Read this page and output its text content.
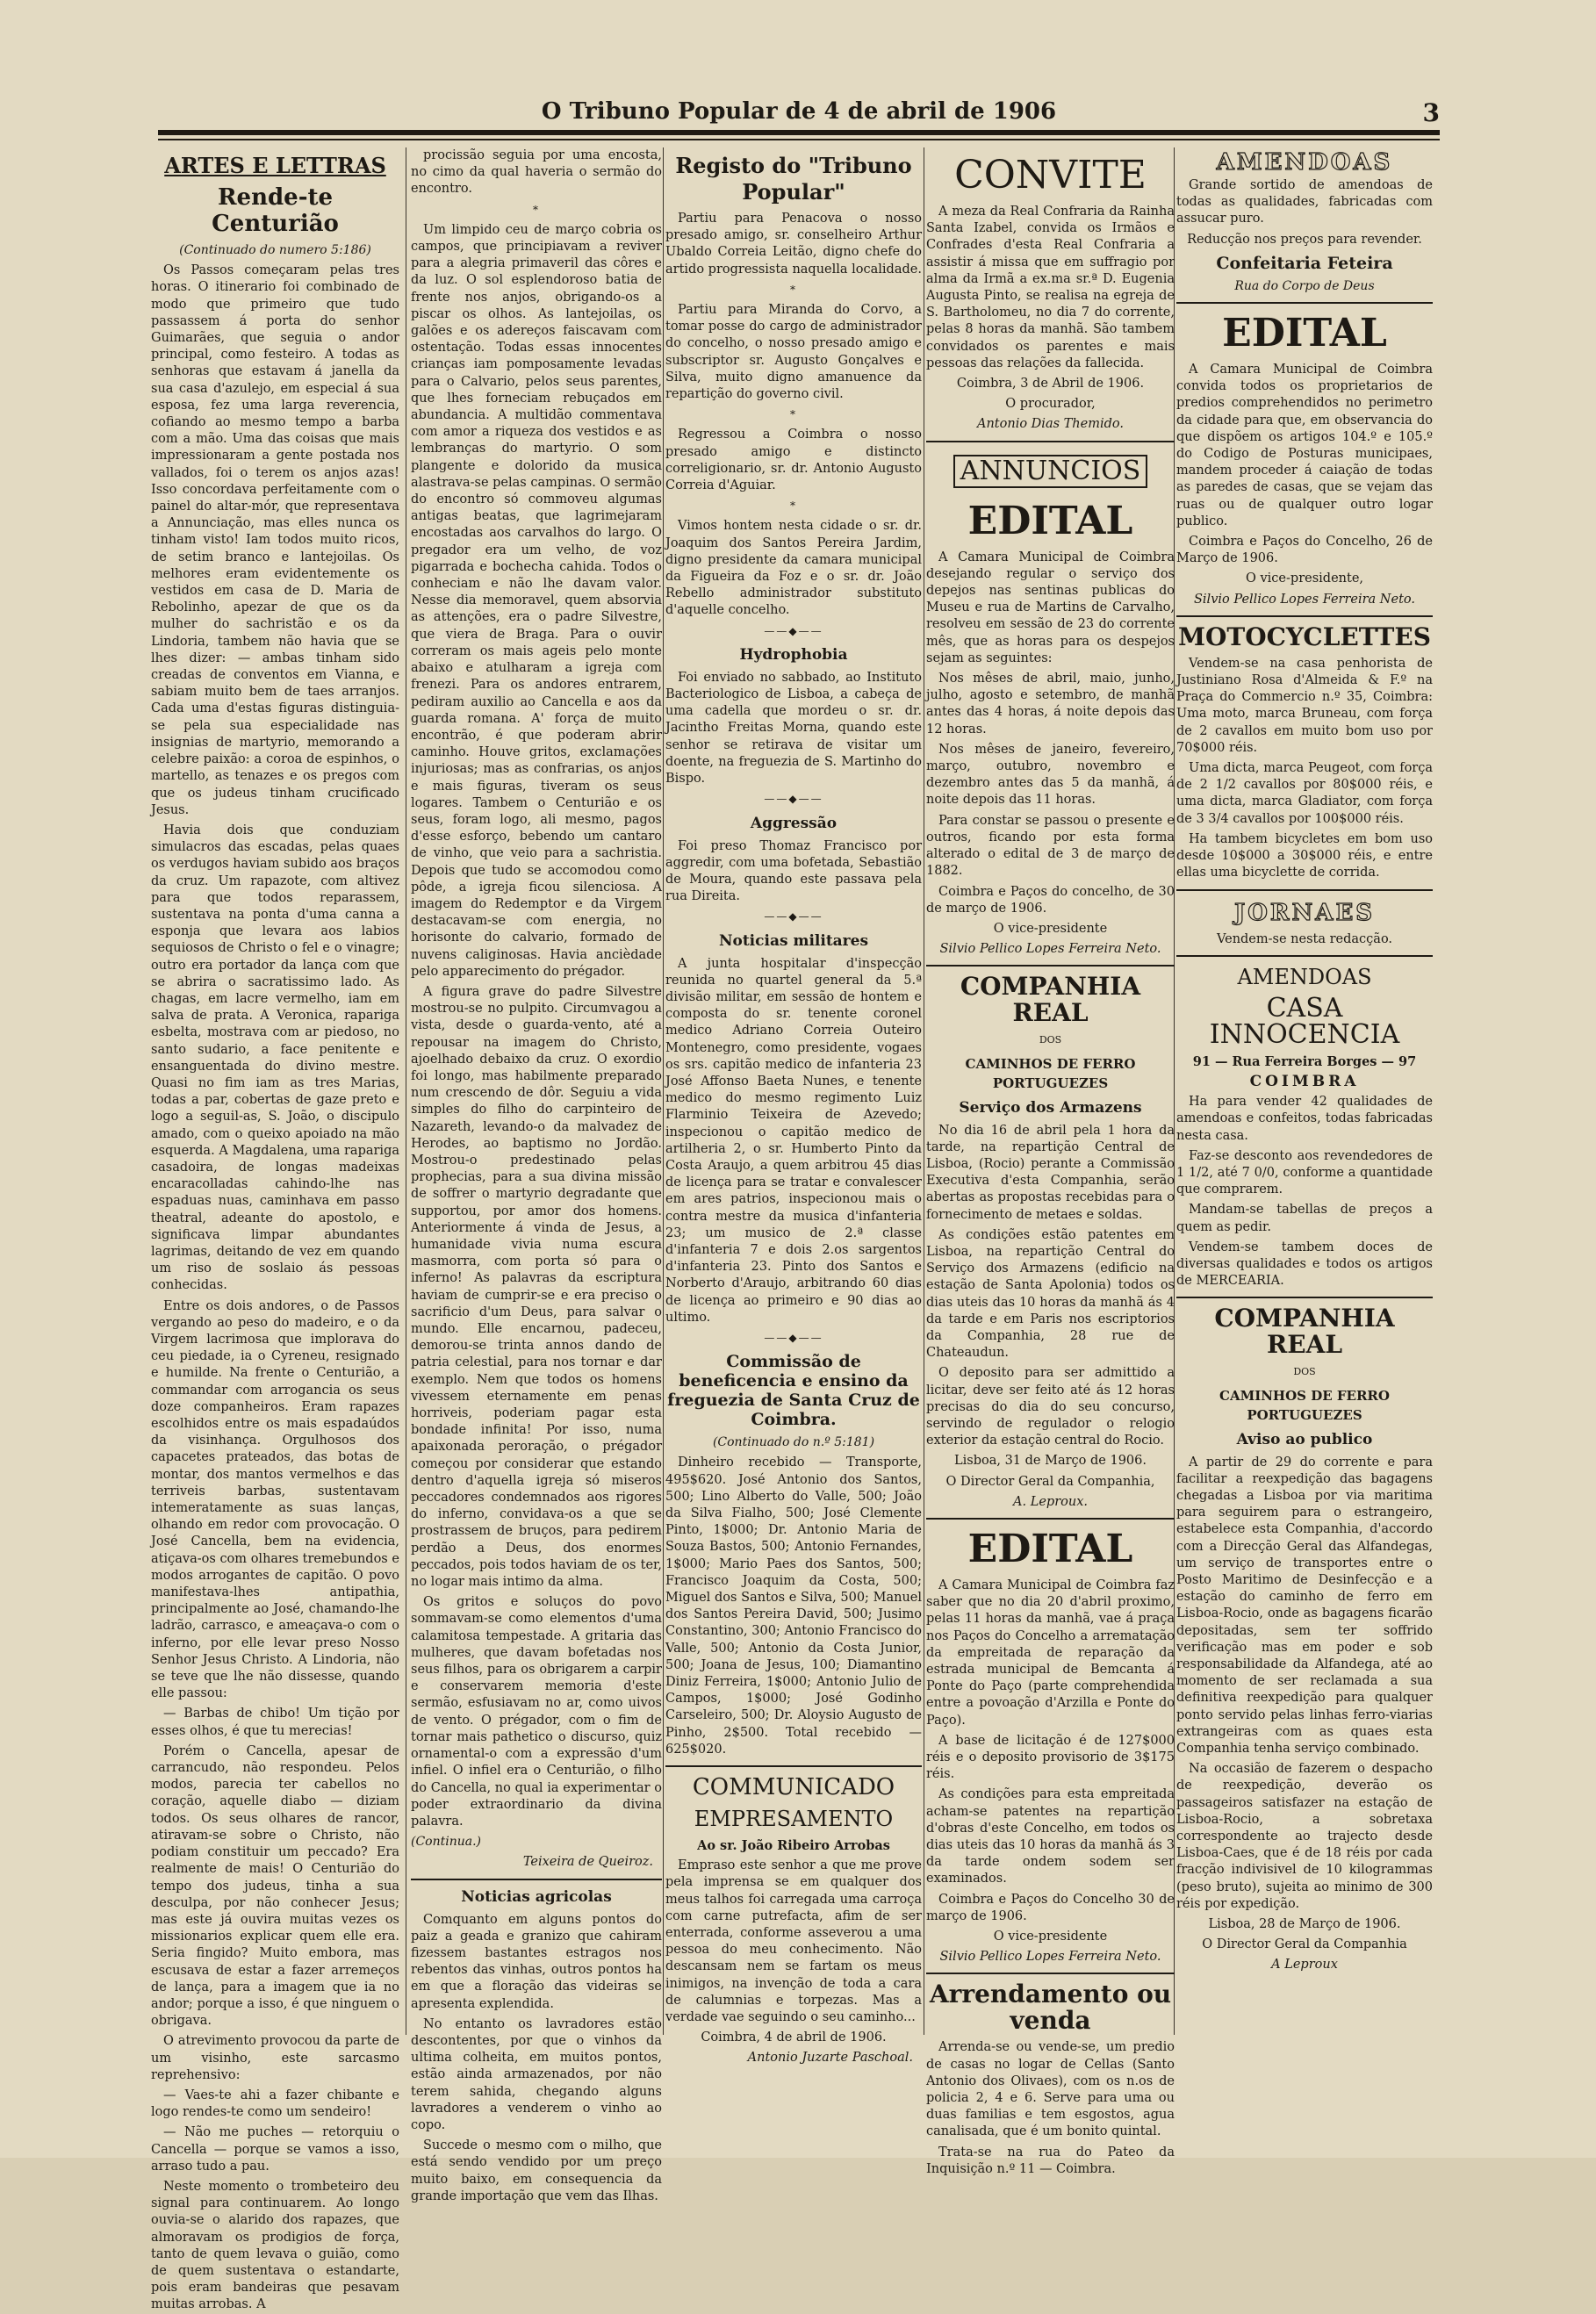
O Tribuno Popular de 4 de abril de 1906	3
ARTES E LETTRAS
Rende-te Centurião
(Continuado do numero 5:186)

Os Passos começaram pelas tres horas. O itinerario foi combinado de modo que primeiro que tudo passassem á porta do senhor Guimarães, que seguia o andor principal, como festeiro. A todas as senhoras que estavam á janella da sua casa d'azulejo, em especial á sua esposa, fez uma larga reverencia, cofiando ao mesmo tempo a barba com a mão. Uma das coisas que mais impressionaram a gente postada nos vallados, foi o terem os anjos azas! Isso concordava perfeitamente com o painel do altar-mór, que representava a Annunciação, mas elles nunca os tinham visto! Iam todos muito ricos, de setim branco e lantejoilas. Os melhores eram evidentemente os vestidos em casa de D. Maria de Rebolinho, apezar de que os da mulher do sachristão e os da Lindoria, tambem não havia que se lhes dizer: — ambas tinham sido creadas de conventos em Vianna, e sabiam muito bem de taes arranjos. Cada uma d'estas figuras distinguia-se pela sua especialidade nas insignias de martyrio, memorando a celebre paixão: a coroa de espinhos, o martello, as tenazes e os pregos com que os judeus tinham crucificado Jesus.

Havia dois que conduziam simulacros das escadas, pelas quaes os verdugos haviam subido aos braços da cruz. Um rapazote, com altivez para que todos reparassem, sustentava na ponta d'uma canna a esponja que levara aos labios sequiosos de Christo o fel e o vinagre; outro era portador da lança com que se abrira o sacratissimo lado. As chagas, em lacre vermelho, iam em salva de prata. A Veronica, rapariga esbelta, mostrava com ar piedoso, no santo sudario, a face penitente e ensanguentada do divino mestre. Quasi no fim iam as tres Marias, todas a par, cobertas de gaze preto e logo a seguil-as, S. João, o discipulo amado, com o queixo apoiado na mão esquerda. A Magdalena, uma rapariga casadoira, de longas madeixas encaracolladas cahindo-lhe nas espaduas nuas, caminhava em passo theatral, adeante do apostolo, e significava limpar abundantes lagrimas, deitando de vez em quando um riso de soslaio ás pessoas conhecidas.

Entre os dois andores, o de Passos vergando ao peso do madeiro, e o da Virgem lacrimosa que implorava do ceu piedade, ia o Cyreneu, resignado e humilde. Na frente o Centurião, a commandar com arrogancia os seus doze companheiros. Eram rapazes escolhidos entre os mais espadaúdos da visinhança. Orgulhosos dos capacetes prateados, das botas de montar, dos mantos vermelhos e das terriveis barbas, sustentavam intemeratamente as suas lanças, olhando em redor com provocação. O José Cancella, bem na evidencia, atiçava-os com olhares tremebundos e modos arrogantes de capitão. O povo manifestava-lhes antipathia, principalmente ao José, chamando-lhe ladrão, carrasco, e ameaçava-o com o inferno, por elle levar preso Nosso Senhor Jesus Christo. A Lindoria, não se teve que lhe não dissesse, quando elle passou:

— Barbas de chibo! Um tição por esses olhos, é que tu merecias!

Porém o Cancella, apesar de carrancudo, não respondeu. Pelos modos, parecia ter cabellos no coração, aquelle diabo — diziam todos. Os seus olhares de rancor, atiravam-se sobre o Christo, não podiam constituir um peccado? Era realmente de mais! O Centurião do tempo dos judeus, tinha a sua desculpa, por não conhecer Jesus; mas este já ouvira muitas vezes os missionarios explicar quem elle era. Seria fingido? Muito embora, mas escusava de estar a fazer arremeços de lança, para a imagem que ia no andor; porque a isso, é que ninguem o obrigava.

O atrevimento provocou da parte de um visinho, este sarcasmo reprehensivo:

— Vaes-te ahi a fazer chibante e logo rendes-te como um sendeiro!

— Não me puches — retorquiu o Cancella — porque se vamos a isso, arraso tudo a pau.

Neste momento o trombeteiro deu signal para continuarem. Ao longo ouvia-se o alarido dos rapazes, que almoravam os prodigios de força, tanto de quem levava o guião, como de quem sustentava o estandarte, pois eram bandeiras que pesavam muitas arrobas. A

procissão seguia por uma encosta, no cimo da qual haveria o sermão do encontro.

*

Um limpido ceu de março cobria os campos, que principiavam a reviver para a alegria primaveril das côres e da luz. O sol esplendoroso batia de frente nos anjos, obrigando-os a piscar os olhos. As lantejoilas, os galões e os adereços faiscavam com ostentação. Todas essas innocentes crianças iam pomposamente levadas para o Calvario, pelos seus parentes, que lhes forneciam rebuçados em abundancia. A multidão commentava com amor a riqueza dos vestidos e as lembranças do martyrio. O som plangente e dolorido da musica alastrava-se pelas campinas. O sermão do encontro só commoveu algumas antigas beatas, que lagrimejaram encostadas aos carvalhos do largo. O pregador era um velho, de voz pigarrada e bochecha cahida. Todos o conheciam e não lhe davam valor. Nesse dia memoravel, quem absorvia as attenções, era o padre Silvestre, que viera de Braga. Para o ouvir correram os mais ageis pelo monte abaixo e atulharam a igreja com frenezi. Para os andores entrarem, pediram auxilio ao Cancella e aos da guarda romana. A' força de muito encontrão, é que poderam abrir caminho. Houve gritos, exclamações injuriosas; mas as confrarias, os anjos e mais figuras, tiveram os seus logares. Tambem o Centurião e os seus, foram logo, ali mesmo, pagos d'esse esforço, bebendo um cantaro de vinho, que veio para a sachristia. Depois que tudo se accomodou como pôde, a igreja ficou silenciosa. A imagem do Redemptor e da Virgem destacavam-se com energia, no horisonte do calvario, formado de nuvens caliginosas. Havia ancièdade pelo apparecimento do prégador.

A figura grave do padre Silvestre mostrou-se no pulpito. Circumvagou a vista, desde o guarda-vento, até a repousar na imagem do Christo, ajoelhado debaixo da cruz. O exordio foi longo, mas habilmente preparado num crescendo de dôr. Seguiu a vida simples do filho do carpinteiro de Nazareth, levando-o da malvadez de Herodes, ao baptismo no Jordão. Mostrou-o predestinado pelas prophecias, para a sua divina missão de soffrer o martyrio degradante que supportou, por amor dos homens. Anteriormente á vinda de Jesus, a humanidade vivia numa escura masmorra, com porta só para o inferno! As palavras da escriptura haviam de cumprir-se e era preciso o sacrificio d'um Deus, para salvar o mundo. Elle encarnou, padeceu, demorou-se trinta annos dando de patria celestial, para nos tornar e dar exemplo. Nem que todos os homens vivessem eternamente em penas horriveis, poderiam pagar esta bondade infinita! Por isso, numa apaixonada peroração, o prégador começou por considerar que estando dentro d'aquella igreja só miseros peccadores condemnados aos rigores do inferno, convidava-os a que se prostrassem de bruços, para pedirem perdão a Deus, dos enormes peccados, pois todos haviam de os ter, no logar mais intimo da alma.

Os gritos e soluços do povo sommavam-se como elementos d'uma calamitosa tempestade. A gritaria das mulheres, que davam bofetadas nos seus filhos, para os obrigarem a carpir e conservarem memoria d'este sermão, esfusiavam no ar, como uivos de vento. O prégador, com o fim de tornar mais pathetico o discurso, quiz ornamental-o com a expressão d'um infiel. O infiel era o Centurião, o filho do Cancella, no qual ia experimentar o poder extraordinario da divina palavra.

(Continua.)
Teixeira de Queiroz.
Noticias agricolas

Comquanto em alguns pontos do paiz a geada e granizo que cahiram fizessem bastantes estragos nos rebentos das vinhas, outros pontos ha em que a floração das videiras se apresenta explendida.

No entanto os lavradores estão descontentes, por que o vinhos da ultima colheita, em muitos pontos, estão ainda armazenados, por não terem sahida, chegando alguns lavradores a venderem o vinho ao copo.

Succede o mesmo com o milho, que está sendo vendido por um preço muito baixo, em consequencia da grande importação que vem das Ilhas.

Registo do "Tribuno Popular"

Partiu para Penacova o nosso presado amigo, sr. conselheiro Arthur Ubaldo Correia Leitão, digno chefe do artido progressista naquella localidade.

*

Partiu para Miranda do Corvo, a tomar posse do cargo de administrador do concelho, o nosso presado amigo e subscriptor sr. Augusto Gonçalves e Silva, muito digno amanuence da repartição do governo civil.

*

Regressou a Coimbra o nosso presado amigo e distincto correligionario, sr. dr. Antonio Augusto Correia d'Aguiar.

*

Vimos hontem nesta cidade o sr. dr. Joaquim dos Santos Pereira Jardim, digno presidente da camara municipal da Figueira da Foz e o sr. dr. João Rebello administrador substituto d'aquelle concelho.

——◆——
Hydrophobia

Foi enviado no sabbado, ao Instituto Bacteriologico de Lisboa, a cabeça de uma cadella que mordeu o sr. dr. Jacintho Freitas Morna, quando este senhor se retirava de visitar um doente, na freguezia de S. Martinho do Bispo.

——◆——
Aggressão

Foi preso Thomaz Francisco por aggredir, com uma bofetada, Sebastião de Moura, quando este passava pela rua Direita.

——◆——
Noticias militares

A junta hospitalar d'inspecção reunida no quartel general da 5.ª divisão militar, em sessão de hontem e composta do sr. tenente coronel medico Adriano Correia Outeiro Montenegro, como presidente, vogaes os srs. capitão medico de infanteria 23 José Affonso Baeta Nunes, e tenente medico do mesmo regimento Luiz Flarminio Teixeira de Azevedo; inspecionou o capitão medico de artilheria 2, o sr. Humberto Pinto da Costa Araujo, a quem arbitrou 45 dias de licença para se tratar e convalescer em ares patrios, inspecionou mais o contra mestre da musica d'infanteria 23; um musico de 2.ª classe d'infanteria 7 e dois 2.os sargentos d'infanteria 23. Pinto dos Santos e Norberto d'Araujo, arbitrando 60 dias de licença ao primeiro e 90 dias ao ultimo.

——◆——
Commissão de beneficencia e ensino da freguezia de Santa Cruz de Coimbra.
(Continuado do n.º 5:181)

Dinheiro recebido — Transporte, 495$620. José Antonio dos Santos, 500; Lino Alberto do Valle, 500; João da Silva Fialho, 500; José Clemente Pinto, 1$000; Dr. Antonio Maria de Souza Bastos, 500; Antonio Fernandes, 1$000; Mario Paes dos Santos, 500; Francisco Joaquim da Costa, 500; Miguel dos Santos e Silva, 500; Manuel dos Santos Pereira David, 500; Jusimo Constantino, 300; Antonio Francisco do Valle, 500; Antonio da Costa Junior, 500; Joana de Jesus, 100; Diamantino Diniz Ferreira, 1$000; Antonio Julio de Campos, 1$000; José Godinho Carseleiro, 500; Dr. Aloysio Augusto de Pinho, 2$500. Total recebido — 625$020.

COMMUNICADO
EMPRESAMENTO
Ao sr. João Ribeiro Arrobas

Empraso este senhor a que me prove pela imprensa se em qualquer dos meus talhos foi carregada uma carroça com carne putrefacta, afim de ser enterrada, conforme asseverou a uma pessoa do meu conhecimento. Não descansam nem se fartam os meus inimigos, na invenção de toda a cara de calumnias e torpezas. Mas a verdade vae seguindo o seu caminho...

Coimbra, 4 de abril de 1906.
Antonio Juzarte Paschoal.
CONVITE

A meza da Real Confraria da Rainha Santa Izabel, convida os Irmãos e Confrades d'esta Real Confraria a assistir á missa que em suffragio por alma da Irmã a ex.ma sr.ª D. Eugenia Augusta Pinto, se realisa na egreja de S. Bartholomeu, no dia 7 do corrente, pelas 8 horas da manhã. São tambem convidados os parentes e mais pessoas das relações da fallecida.

Coimbra, 3 de Abril de 1906.
O procurador,
Antonio Dias Themido.
ANNUNCIOS
EDITAL

A Camara Municipal de Coimbra desejando regular o serviço dos depejos nas sentinas publicas do Museu e rua de Martins de Carvalho, resolveu em sessão de 23 do corrente mês, que as horas para os despejos sejam as seguintes:

Nos mêses de abril, maio, junho, julho, agosto e setembro, de manhã antes das 4 horas, á noite depois das 12 horas.

Nos mêses de janeiro, fevereiro, março, outubro, novembro e dezembro antes das 5 da manhã, á noite depois das 11 horas.

Para constar se passou o presente e outros, ficando por esta forma alterado o edital de 3 de março de 1882.

Coimbra e Paços do concelho, de 30 de março de 1906.

O vice-presidente
Silvio Pellico Lopes Ferreira Neto.
COMPANHIA REAL
DOS
CAMINHOS DE FERRO PORTUGUEZES
Serviço dos Armazens

No dia 16 de abril pela 1 hora da tarde, na repartição Central de Lisboa, (Rocio) perante a Commissão Executiva d'esta Companhia, serão abertas as propostas recebidas para o fornecimento de metaes e soldas.

As condições estão patentes em Lisboa, na repartição Central do Serviço dos Armazens (edificio na estação de Santa Apolonia) todos os dias uteis das 10 horas da manhã ás 4 da tarde e em Paris nos escriptorios da Companhia, 28 rue de Chateaudun.

O deposito para ser admittido a licitar, deve ser feito até ás 12 horas precisas do dia do seu concurso, servindo de regulador o relogio exterior da estação central do Rocio.

Lisboa, 31 de Março de 1906.
O Director Geral da Companhia,
A. Leproux.
EDITAL

A Camara Municipal de Coimbra faz saber que no dia 20 d'abril proximo, pelas 11 horas da manhã, vae á praça nos Paços do Concelho a arrematação da empreitada de reparação da estrada municipal de Bemcanta á Ponte do Paço (parte comprehendida entre a povoação d'Arzilla e Ponte do Paço).

A base de licitação é de 127$000 réis e o deposito provisorio de 3$175 réis.

As condições para esta empreitada acham-se patentes na repartição d'obras d'este Concelho, em todos os dias uteis das 10 horas da manhã ás 3 da tarde ondem sodem ser examinados.

Coimbra e Paços do Concelho 30 de março de 1906.

O vice-presidente
Silvio Pellico Lopes Ferreira Neto.
Arrendamento ou venda

Arrenda-se ou vende-se, um predio de casas no logar de Cellas (Santo Antonio dos Olivaes), com os n.os de policia 2, 4 e 6. Serve para uma ou duas familias e tem esgostos, agua canalisada, que é um bonito quintal.

Trata-se na rua do Pateo da Inquisição n.º 11 — Coimbra.

AMENDOAS

Grande sortido de amendoas de todas as qualidades, fabricadas com assucar puro.

Reducção nos preços para revender.
Confeitaria Feteira
Rua do Corpo de Deus
EDITAL

A Camara Municipal de Coimbra convida todos os proprietarios de predios comprehendidos no perimetro da cidade para que, em observancia do que dispõem os artigos 104.º e 105.º do Codigo de Posturas municipaes, mandem proceder á caiação de todas as paredes de casas, que se vejam das ruas ou de qualquer outro logar publico.

Coimbra e Paços do Concelho, 26 de Março de 1906.

O vice-presidente,
Silvio Pellico Lopes Ferreira Neto.
MOTOCYCLETTES

Vendem-se na casa penhorista de Justiniano Rosa d'Almeida & F.º na Praça do Commercio n.º 35, Coimbra: Uma moto, marca Bruneau, com força de 2 cavallos em muito bom uso por 70$000 réis.

Uma dicta, marca Peugeot, com força de 2 1/2 cavallos por 80$000 réis, e uma dicta, marca Gladiator, com força de 3 3/4 cavallos por 100$000 réis.

Ha tambem bicycletes em bom uso desde 10$000 a 30$000 réis, e entre ellas uma bicyclette de corrida.

JORNAES
Vendem-se nesta redacção.
AMENDOAS
CASA INNOCENCIA
91 — Rua Ferreira Borges — 97
COIMBRA

Ha para vender 42 qualidades de amendoas e confeitos, todas fabricadas nesta casa.

Faz-se desconto aos revendedores de 1 1/2, até 7 0/0, conforme a quantidade que comprarem.

Mandam-se tabellas de preços a quem as pedir.

Vendem-se tambem doces de diversas qualidades e todos os artigos de MERCEARIA.

COMPANHIA REAL
DOS
CAMINHOS DE FERRO PORTUGUEZES
Aviso ao publico

A partir de 29 do corrente e para facilitar a reexpedição das bagagens chegadas a Lisboa por via maritima para seguirem para o estrangeiro, estabelece esta Companhia, d'accordo com a Direcção Geral das Alfandegas, um serviço de transportes entre o Posto Maritimo de Desinfecção e a estação do caminho de ferro em Lisboa-Rocio, onde as bagagens ficarão depositadas, sem ter soffrido verificação mas em poder e sob responsabilidade da Alfandega, até ao momento de ser reclamada a sua definitiva reexpedição para qualquer ponto servido pelas linhas ferro-viarias extrangeiras com as quaes esta Companhia tenha serviço combinado.

Na occasião de fazerem o despacho de reexpedição, deverão os passageiros satisfazer na estação de Lisboa-Rocio, a sobretaxa correspondente ao trajecto desde Lisboa-Caes, que é de 18 réis por cada fracção indivisivel de 10 kilogrammas (peso bruto), sujeita ao minimo de 300 réis por expedição.

Lisboa, 28 de Março de 1906.
O Director Geral da Companhia
A Leproux
